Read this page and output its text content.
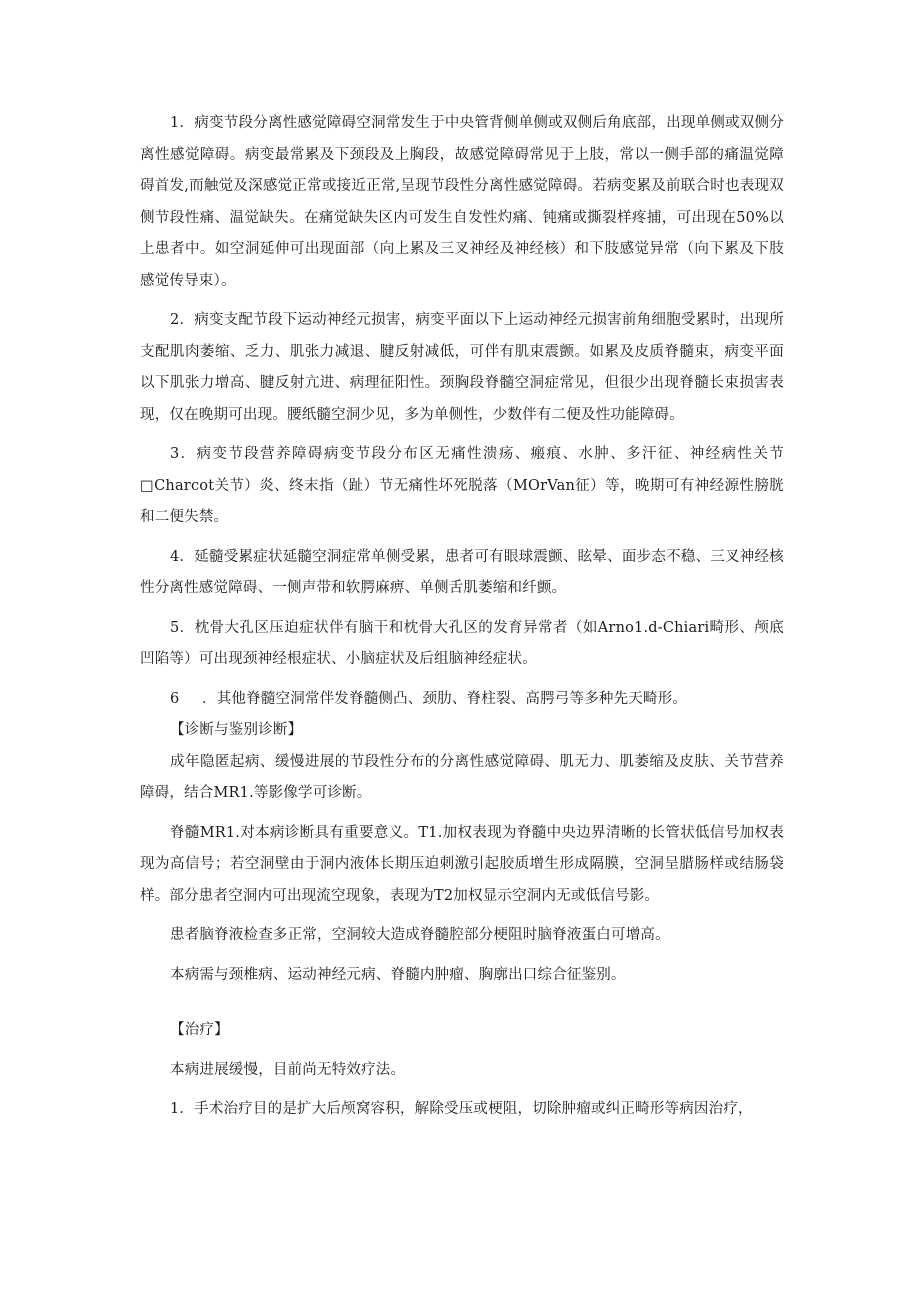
1．病变节段分离性感觉障碍空洞常发生于中央管背侧单侧或双侧后角底部，出现单侧或双侧分离性感觉障碍。病变最常累及下颈段及上胸段，故感觉障碍常见于上肢，常以一侧手部的痛温觉障碍首发,而触觉及深感觉正常或接近正常,呈现节段性分离性感觉障碍。若病变累及前联合时也表现双侧节段性痛、温觉缺失。在痛觉缺失区内可发生自发性灼痛、钝痛或撕裂样疼捕，可出现在50%以上患者中。如空洞延伸可出现面部（向上累及三叉神经及神经核）和下肢感觉异常（向下累及下肢感觉传导束）。

2．病变支配节段下运动神经元损害，病变平面以下上运动神经元损害前角细胞受累时，出现所支配肌肉萎缩、乏力、肌张力减退、腱反射减低，可伴有肌束震颤。如累及皮质脊髓束，病变平面以下肌张力增高、腱反射亢进、病理征阳性。颈胸段脊髓空洞症常见，但很少出现脊髓长束损害表现，仅在晚期可出现。腰纸髓空洞少见，多为单侧性，少数伴有二便及性功能障碍。

3．病变节段营养障碍病变节段分布区无痛性溃疡、瘢痕、水肿、多汗征、神经病性关节□Charcot关节）炎、终末指（趾）节无痛性坏死脱落（MOrVan征）等，晚期可有神经源性膀胱和二便失禁。

4．延髓受累症状延髓空洞症常单侧受累，患者可有眼球震颤、眩晕、面步态不稳、三叉神经核性分离性感觉障碍、一侧声带和软腭麻痹、单侧舌肌萎缩和纤颤。

5．枕骨大孔区压迫症状伴有脑干和枕骨大孔区的发育异常者（如Arno1.d-Chiari畸形、颅底凹陷等）可出现颈神经根症状、小脑症状及后组脑神经症状。

6 ．其他脊髓空洞常伴发脊髓侧凸、颈肋、脊柱裂、高腭弓等多种先天畸形。

【诊断与鉴别诊断】

成年隐匿起病、缓慢进展的节段性分布的分离性感觉障碍、肌无力、肌萎缩及皮肤、关节营养障碍，结合MR1.等影像学可诊断。

脊髓MR1.对本病诊断具有重要意义。T1.加权表现为脊髓中央边界清晰的长管状低信号加权表现为高信号；若空洞壁由于洞内液体长期压迫刺激引起胶质增生形成隔膜，空洞呈腊肠样或结肠袋样。部分患者空洞内可出现流空现象，表现为T2加权显示空洞内无或低信号影。

患者脑脊液检查多正常，空洞较大造成脊髓腔部分梗阻时脑脊液蛋白可增高。

本病需与颈椎病、运动神经元病、脊髓内肿瘤、胸廓出口综合征鉴别。

【治疗】

本病进展缓慢，目前尚无特效疗法。

1．手术治疗目的是扩大后颅窝容积，解除受压或梗阻，切除肿瘤或纠正畸形等病因治疗，
